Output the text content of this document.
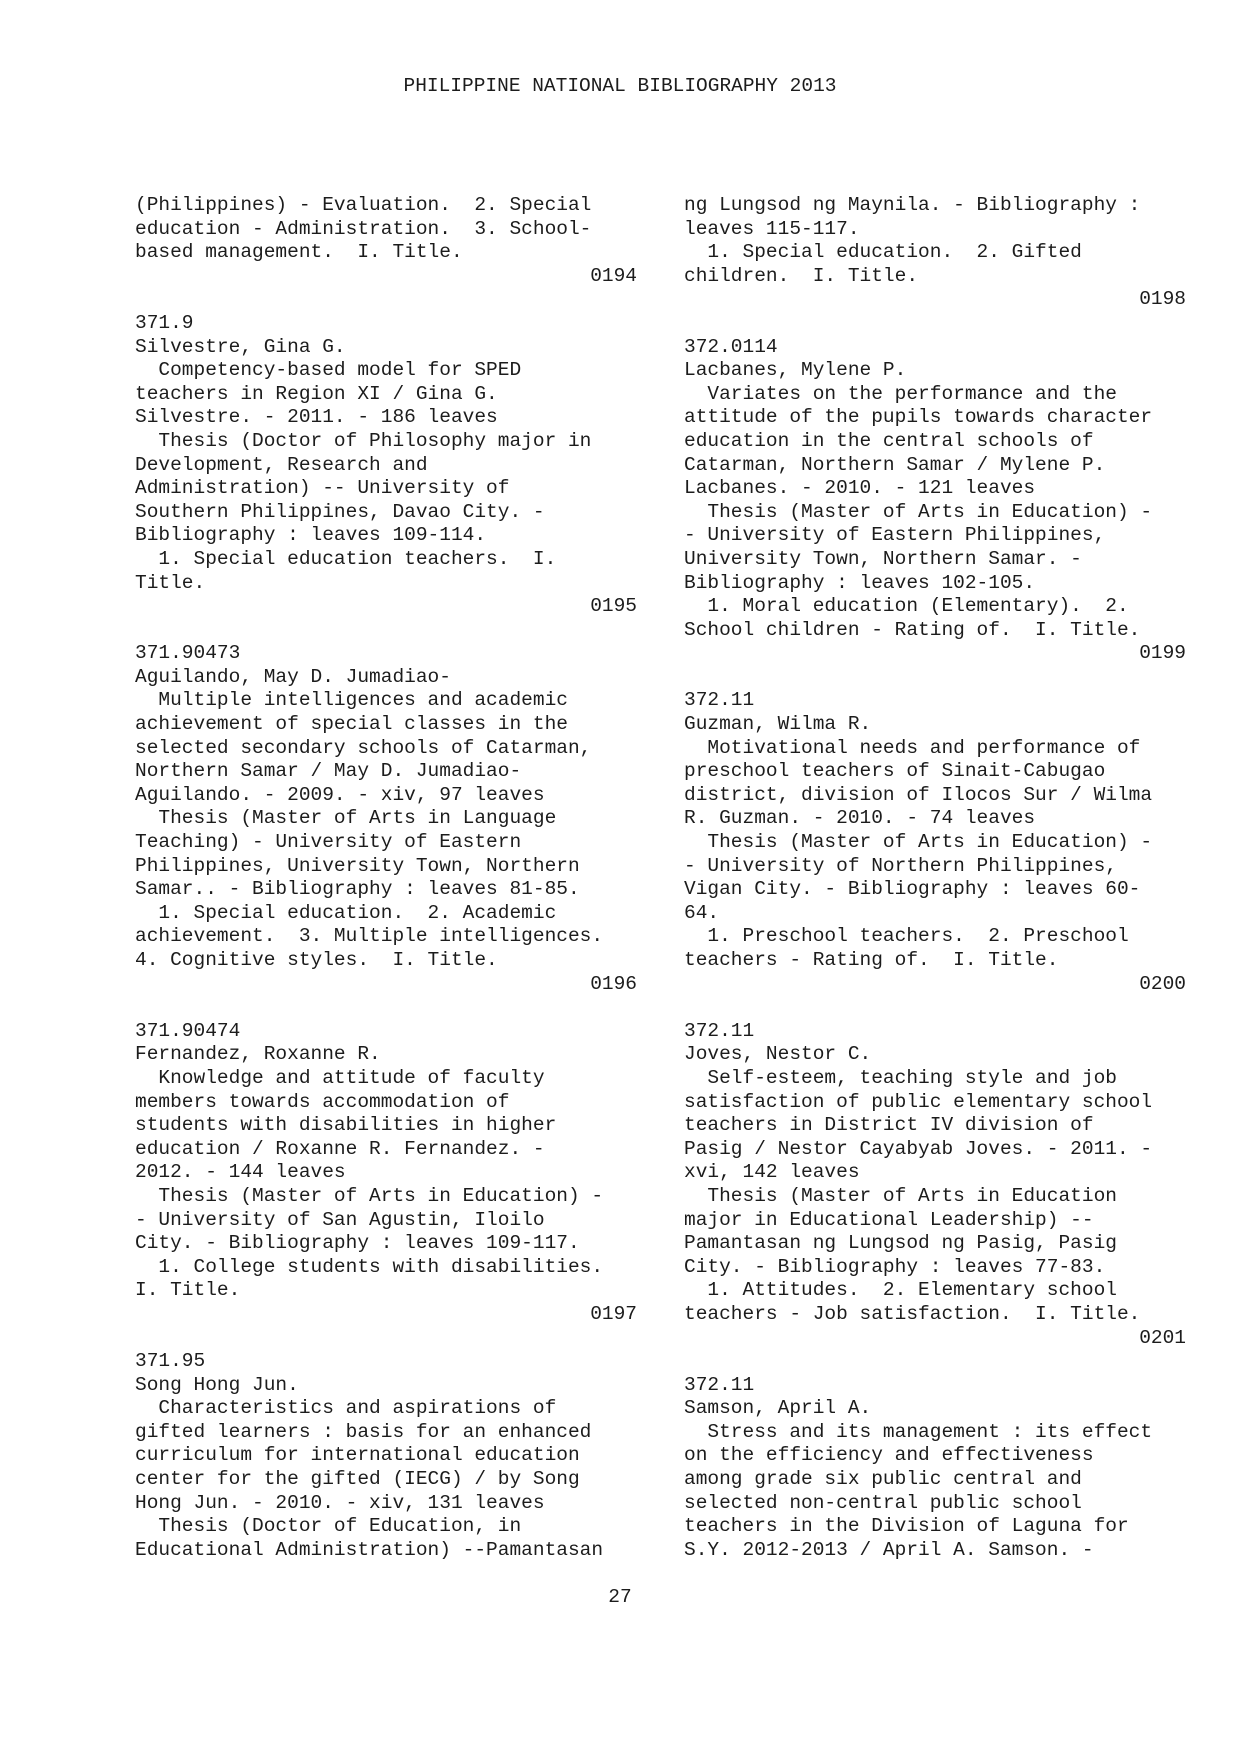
PHILIPPINE NATIONAL BIBLIOGRAPHY 2013
(Philippines) - Evaluation.  2. Special
education - Administration.  3. School-
based management.  I. Title.
0194
371.9
Silvestre, Gina G.
Competency-based model for SPED
teachers in Region XI / Gina G.
Silvestre. - 2011. - 186 leaves
Thesis (Doctor of Philosophy major in
Development, Research and
Administration) -- University of
Southern Philippines, Davao City. -
Bibliography : leaves 109-114.
1. Special education teachers.  I.
Title.
0195
371.90473
Aguilando, May D. Jumadiao-
Multiple intelligences and academic
achievement of special classes in the
selected secondary schools of Catarman,
Northern Samar / May D. Jumadiao-
Aguilando. - 2009. - xiv, 97 leaves
Thesis (Master of Arts in Language
Teaching) - University of Eastern
Philippines, University Town, Northern
Samar.. - Bibliography : leaves 81-85.
1. Special education.  2. Academic
achievement.  3. Multiple intelligences.
4. Cognitive styles.  I. Title.
0196
371.90474
Fernandez, Roxanne R.
Knowledge and attitude of faculty
members towards accommodation of
students with disabilities in higher
education / Roxanne R. Fernandez. -
2012. - 144 leaves
Thesis (Master of Arts in Education) -
- University of San Agustin, Iloilo
City. - Bibliography : leaves 109-117.
1. College students with disabilities.
I. Title.
0197
371.95
Song Hong Jun.
Characteristics and aspirations of
gifted learners : basis for an enhanced
curriculum for international education
center for the gifted (IECG) / by Song
Hong Jun. - 2010. - xiv, 131 leaves
Thesis (Doctor of Education, in
Educational Administration) --Pamantasan
ng Lungsod ng Maynila. - Bibliography :
leaves 115-117.
1. Special education.  2. Gifted
children.  I. Title.
0198
372.0114
Lacbanes, Mylene P.
Variates on the performance and the
attitude of the pupils towards character
education in the central schools of
Catarman, Northern Samar / Mylene P.
Lacbanes. - 2010. - 121 leaves
Thesis (Master of Arts in Education) -
- University of Eastern Philippines,
University Town, Northern Samar. -
Bibliography : leaves 102-105.
1. Moral education (Elementary).  2.
School children - Rating of.  I. Title.
0199
372.11
Guzman, Wilma R.
Motivational needs and performance of
preschool teachers of Sinait-Cabugao
district, division of Ilocos Sur / Wilma
R. Guzman. - 2010. - 74 leaves
Thesis (Master of Arts in Education) -
- University of Northern Philippines,
Vigan City. - Bibliography : leaves 60-
64.
1. Preschool teachers.  2. Preschool
teachers - Rating of.  I. Title.
0200
372.11
Joves, Nestor C.
Self-esteem, teaching style and job
satisfaction of public elementary school
teachers in District IV division of
Pasig / Nestor Cayabyab Joves. - 2011. -
xvi, 142 leaves
Thesis (Master of Arts in Education
major in Educational Leadership) --
Pamantasan ng Lungsod ng Pasig, Pasig
City. - Bibliography : leaves 77-83.
1. Attitudes.  2. Elementary school
teachers - Job satisfaction.  I. Title.
0201
372.11
Samson, April A.
Stress and its management : its effect
on the efficiency and effectiveness
among grade six public central and
selected non-central public school
teachers in the Division of Laguna for
S.Y. 2012-2013 / April A. Samson. -
27
